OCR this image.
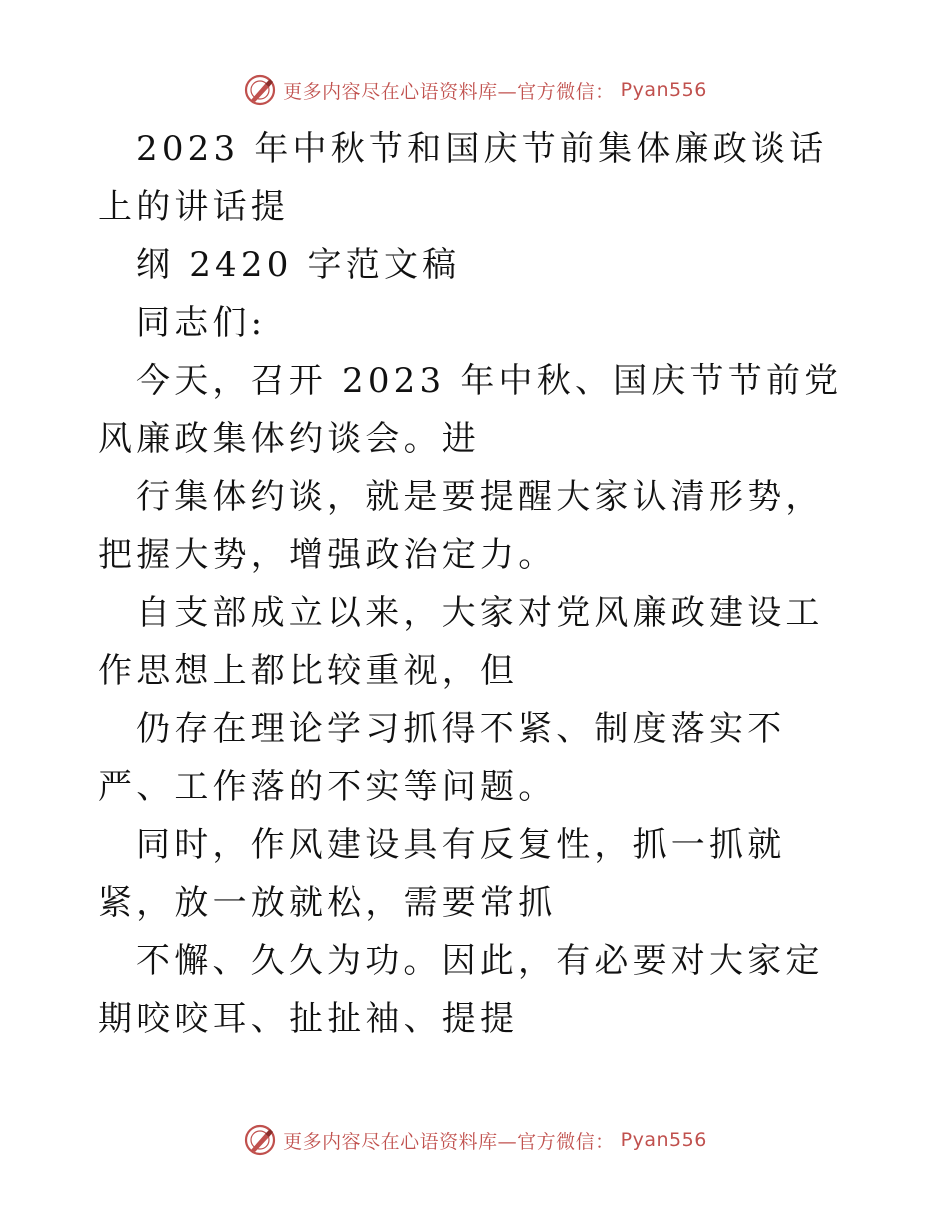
更多内容尽在心语资料库—官方微信： Pyan556

2023 年中秋节和国庆节前集体廉政谈话上的讲话提

纲 2420 字范文稿

同志们:

今天，召开 2023 年中秋、国庆节节前党风廉政集体约谈会。进

行集体约谈，就是要提醒大家认清形势，把握大势，增强政治定力。

自支部成立以来，大家对党风廉政建设工作思想上都比较重视，但

仍存在理论学习抓得不紧、制度落实不严、工作落的不实等问题。

同时，作风建设具有反复性，抓一抓就紧，放一放就松，需要常抓

不懈、久久为功。因此，有必要对大家定期咬咬耳、扯扯袖、提提

更多内容尽在心语资料库—官方微信： Pyan556
